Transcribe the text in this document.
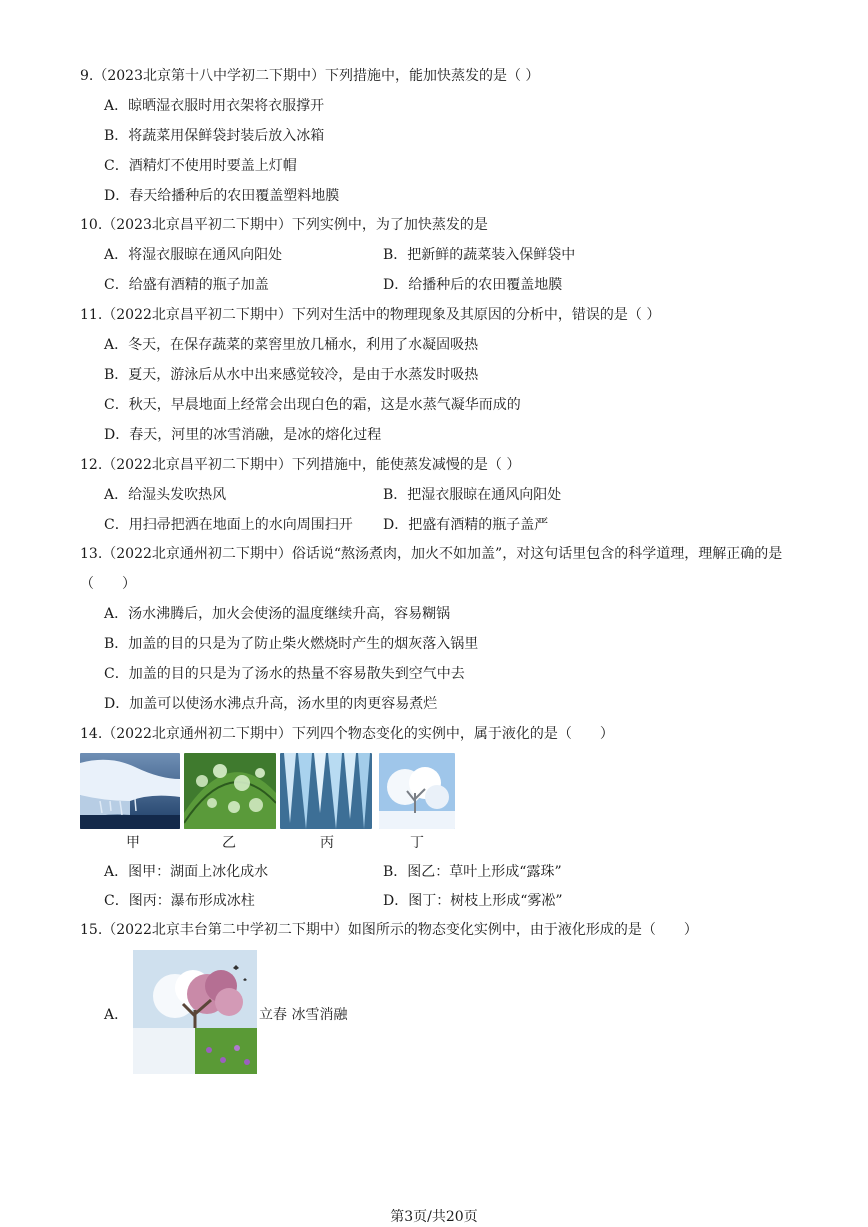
9.（2023北京第十八中学初二下期中）下列措施中，能加快蒸发的是（ ）
A．晾晒湿衣服时用衣架将衣服撑开
B．将蔬菜用保鲜袋封装后放入冰箱
C．酒精灯不使用时要盖上灯帽
D．春天给播种后的农田覆盖塑料地膜
10.（2023北京昌平初二下期中）下列实例中，为了加快蒸发的是
A．将湿衣服晾在通风向阳处	B．把新鲜的蔬菜装入保鲜袋中
C．给盛有酒精的瓶子加盖	D．给播种后的农田覆盖地膜
11.（2022北京昌平初二下期中）下列对生活中的物理现象及其原因的分析中，错误的是（ ）
A．冬天，在保存蔬菜的菜窖里放几桶水，利用了水凝固吸热
B．夏天，游泳后从水中出来感觉较冷，是由于水蒸发时吸热
C．秋天，早晨地面上经常会出现白色的霜，这是水蒸气凝华而成的
D．春天，河里的冰雪消融，是冰的熔化过程
12.（2022北京昌平初二下期中）下列措施中，能使蒸发减慢的是（ ）
A．给湿头发吹热风	B．把湿衣服晾在通风向阳处
C．用扫帚把洒在地面上的水向周围扫开 D．把盛有酒精的瓶子盖严
13.（2022北京通州初二下期中）俗话说“熬汤煮肉，加火不如加盖”，对这句话里包含的科学道理，理解正确的是（　　）
A．汤水沸腾后，加火会使汤的温度继续升高，容易糊锅
B．加盖的目的只是为了防止柴火燃烧时产生的烟灰落入锅里
C．加盖的目的只是为了汤水的热量不容易散失到空气中去
D．加盖可以使汤水沸点升高，汤水里的肉更容易煮烂
14.（2022北京通州初二下期中）下列四个物态变化的实例中，属于液化的是（　　）
甲	乙	丙	丁
A．图甲：湖面上冰化成水	B．图乙：草叶上形成“露珠”
C．图丙：瀑布形成冰柱	D．图丁：树枝上形成“雾凇”
15.（2022北京丰台第二中学初二下期中）如图所示的物态变化实例中，由于液化形成的是（　　）
A．	立春 冰雪消融
第3页/共20页
